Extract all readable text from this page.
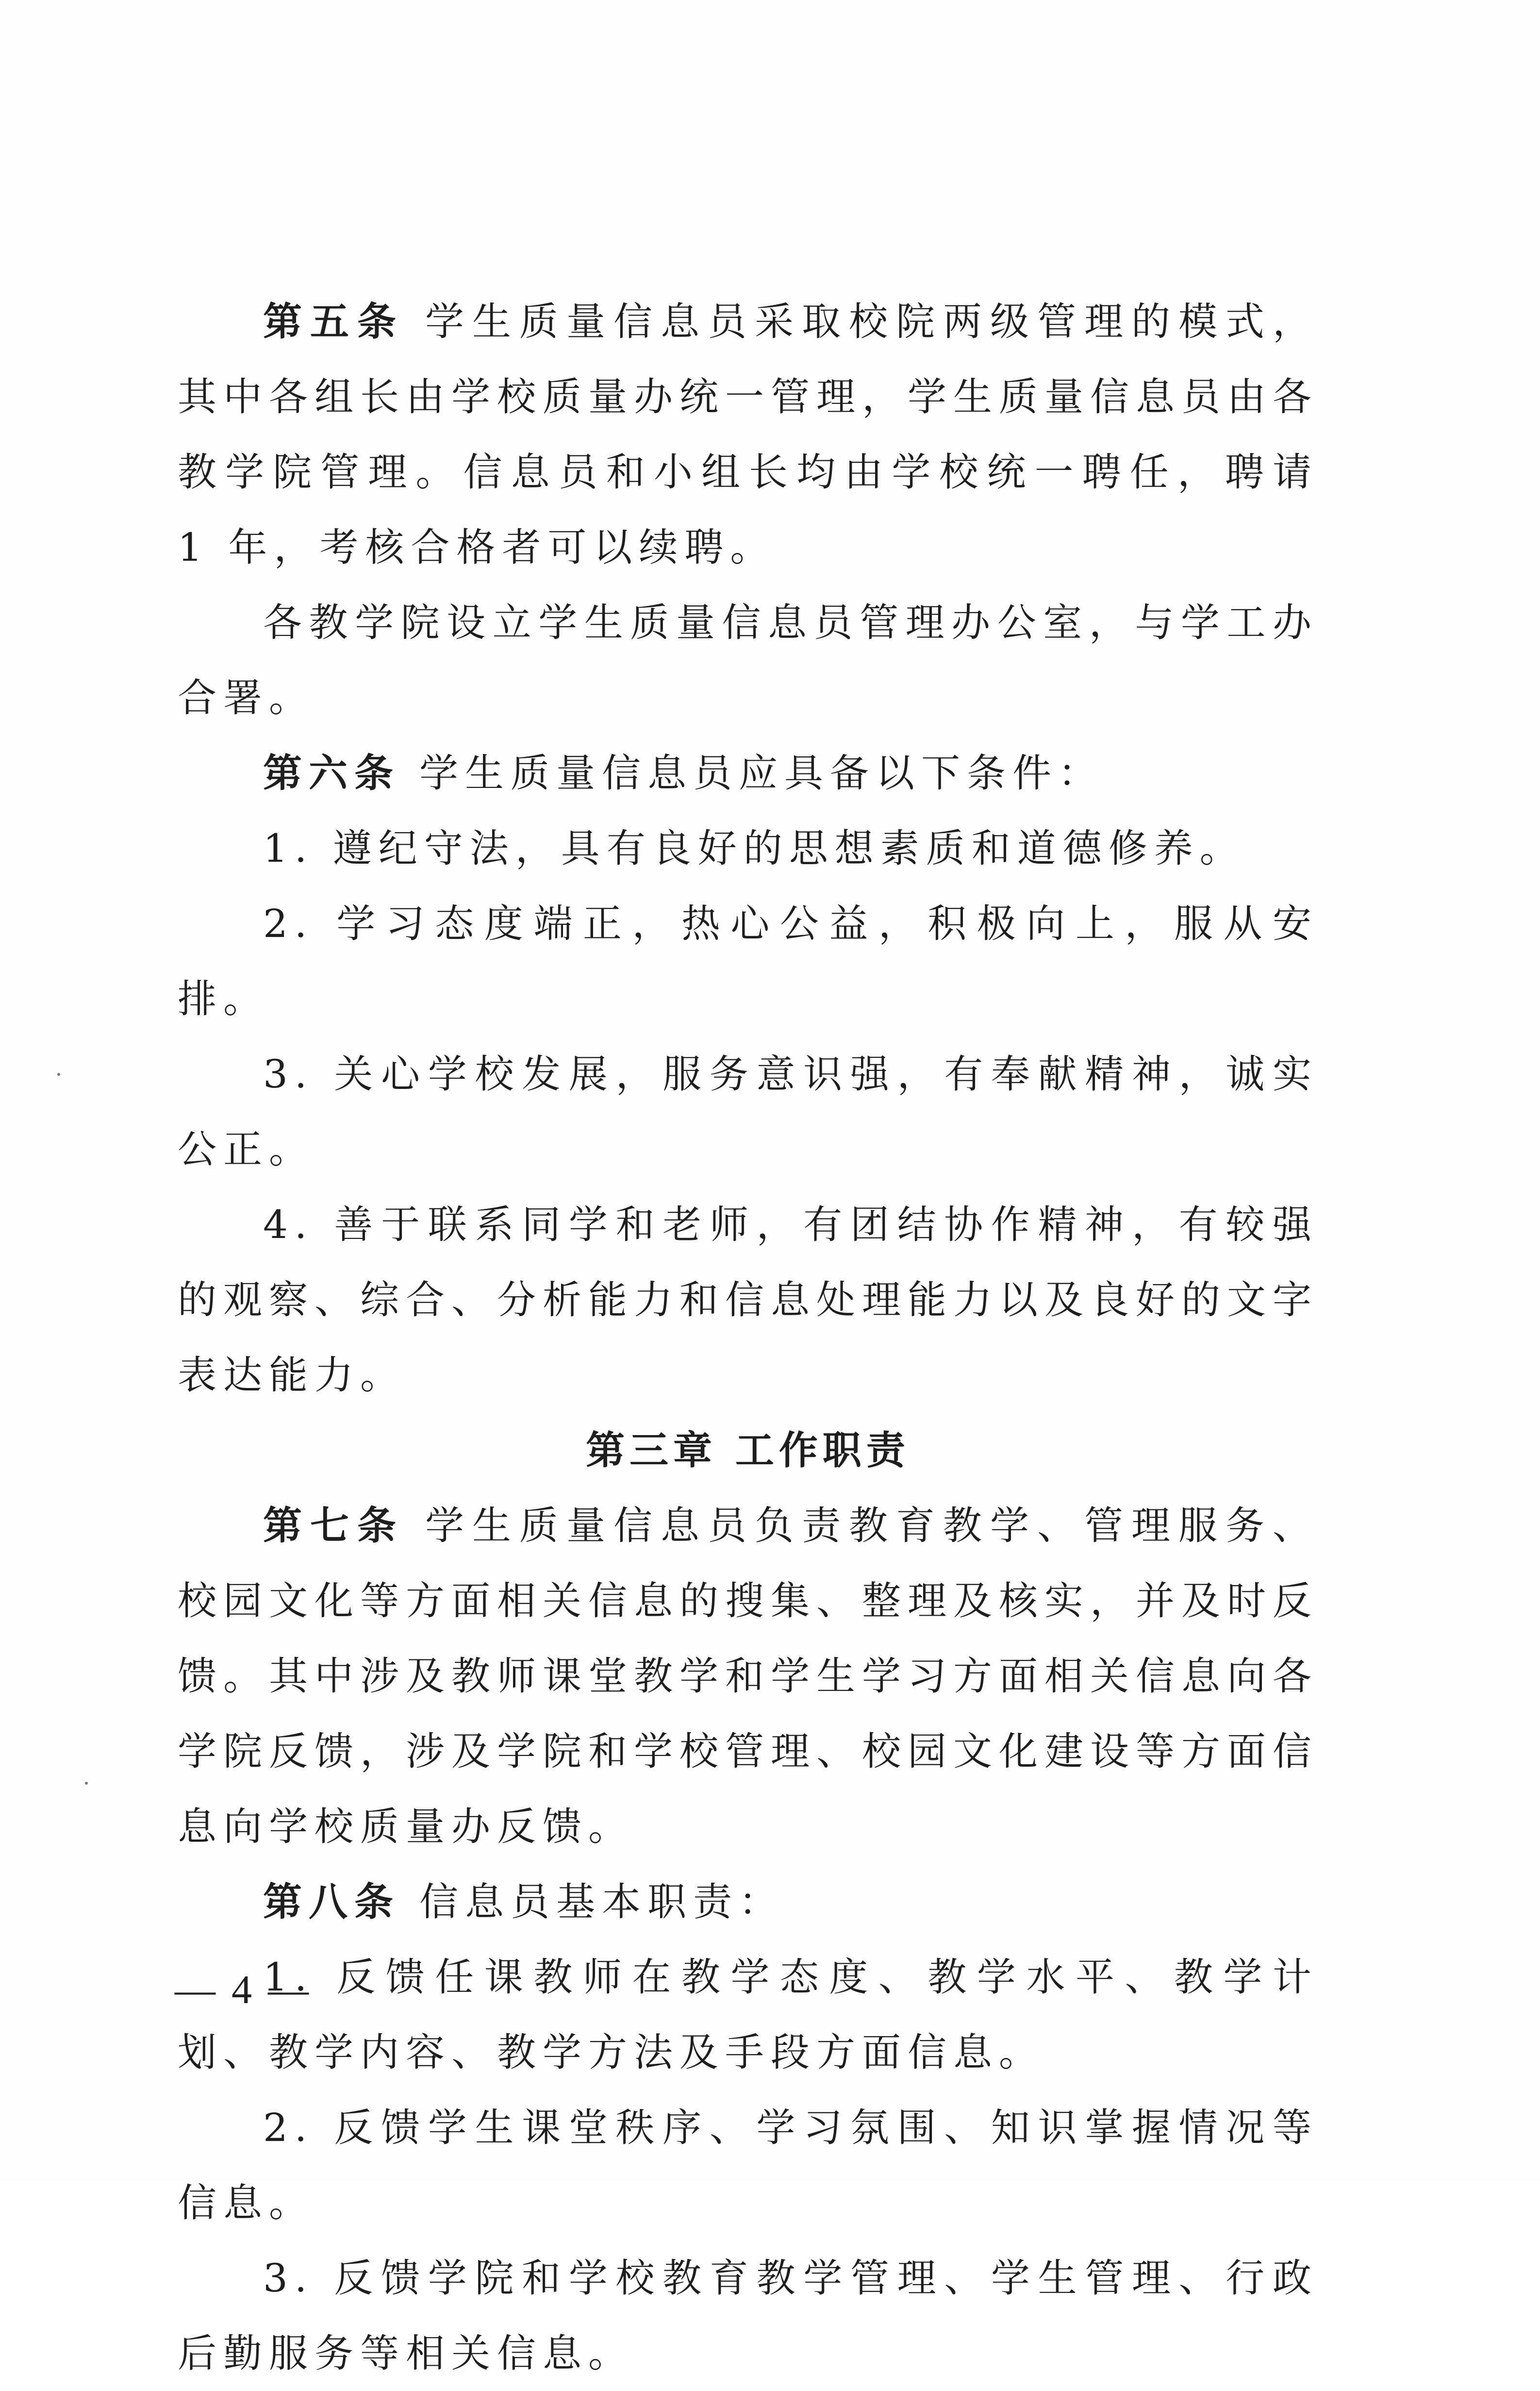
第五条 学生质量信息员采取校院两级管理的模式，其中各组长由学校质量办统一管理，学生质量信息员由各教学院管理。信息员和小组长均由学校统一聘任，聘请 1 年，考核合格者可以续聘。

各教学院设立学生质量信息员管理办公室，与学工办合署。

第六条 学生质量信息员应具备以下条件：

1. 遵纪守法，具有良好的思想素质和道德修养。

2. 学习态度端正，热心公益，积极向上，服从安排。

3. 关心学校发展，服务意识强，有奉献精神，诚实公正。

4. 善于联系同学和老师，有团结协作精神，有较强的观察、综合、分析能力和信息处理能力以及良好的文字表达能力。

第三章 工作职责

第七条 学生质量信息员负责教育教学、管理服务、校园文化等方面相关信息的搜集、整理及核实，并及时反馈。其中涉及教师课堂教学和学生学习方面相关信息向各学院反馈，涉及学院和学校管理、校园文化建设等方面信息向学校质量办反馈。

第八条 信息员基本职责：

1. 反馈任课教师在教学态度、教学水平、教学计划、教学内容、教学方法及手段方面信息。

2. 反馈学生课堂秩序、学习氛围、知识掌握情况等信息。

3. 反馈学院和学校教育教学管理、学生管理、行政后勤服务等相关信息。

— 4 —
